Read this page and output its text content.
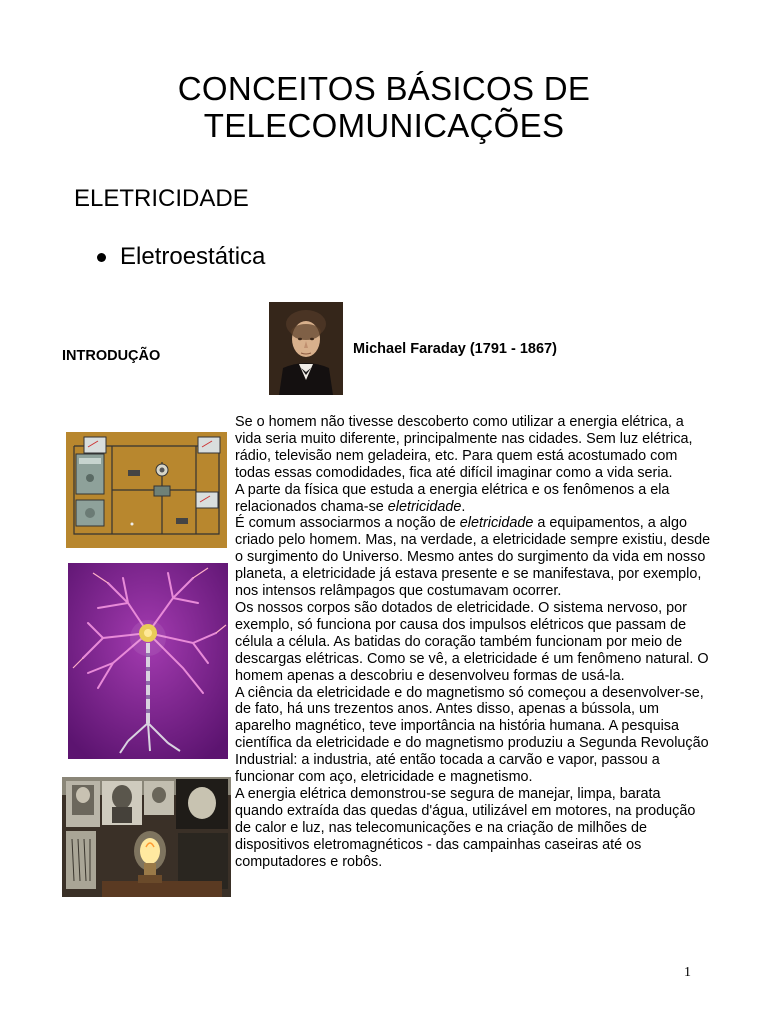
CONCEITOS BÁSICOS DE
TELECOMUNICAÇÕES
ELETRICIDADE
Eletroestática
INTRODUÇÃO	Michael Faraday (1791 - 1867)

Se o homem não tivesse descoberto como utilizar a energia elétrica, a vida seria muito diferente, principalmente nas cidades. Sem luz elétrica, rádio, televisão nem geladeira, etc. Para quem está acostumado com todas essas comodidades, fica até difícil imaginar como a vida seria.

A parte da física que estuda a energia elétrica e os fenômenos a ela relacionados chama-se eletricidade.

É comum associarmos a noção de eletricidade a equipamentos, a algo criado pelo homem. Mas, na verdade, a eletricidade sempre existiu, desde o surgimento do Universo. Mesmo antes do surgimento da vida em nosso planeta, a eletricidade já estava presente e se manifestava, por exemplo, nos intensos relâmpagos que costumavam ocorrer.

Os nossos corpos são dotados de eletricidade. O sistema nervoso, por exemplo, só funciona por causa dos impulsos elétricos que passam de célula a célula. As batidas do coração também funcionam por meio de descargas elétricas. Como se vê, a eletricidade é um fenômeno natural. O homem apenas a descobriu e desenvolveu formas de usá-la.

A ciência da eletricidade e do magnetismo só começou a desenvolver-se, de fato, há uns trezentos anos. Antes disso, apenas a bússola, um aparelho magnético, teve importância na história humana. A pesquisa científica da eletricidade e do magnetismo produziu a Segunda Revolução Industrial: a industria, até então tocada a carvão e vapor, passou a funcionar com aço, eletricidade e magnetismo.

A energia elétrica demonstrou-se segura de manejar, limpa, barata quando extraída das quedas d'água, utilizável em motores, na produção de calor e luz, nas telecomunicações e na criação de milhões de dispositivos eletromagnéticos - das campainhas caseiras até os computadores e robôs.

1
